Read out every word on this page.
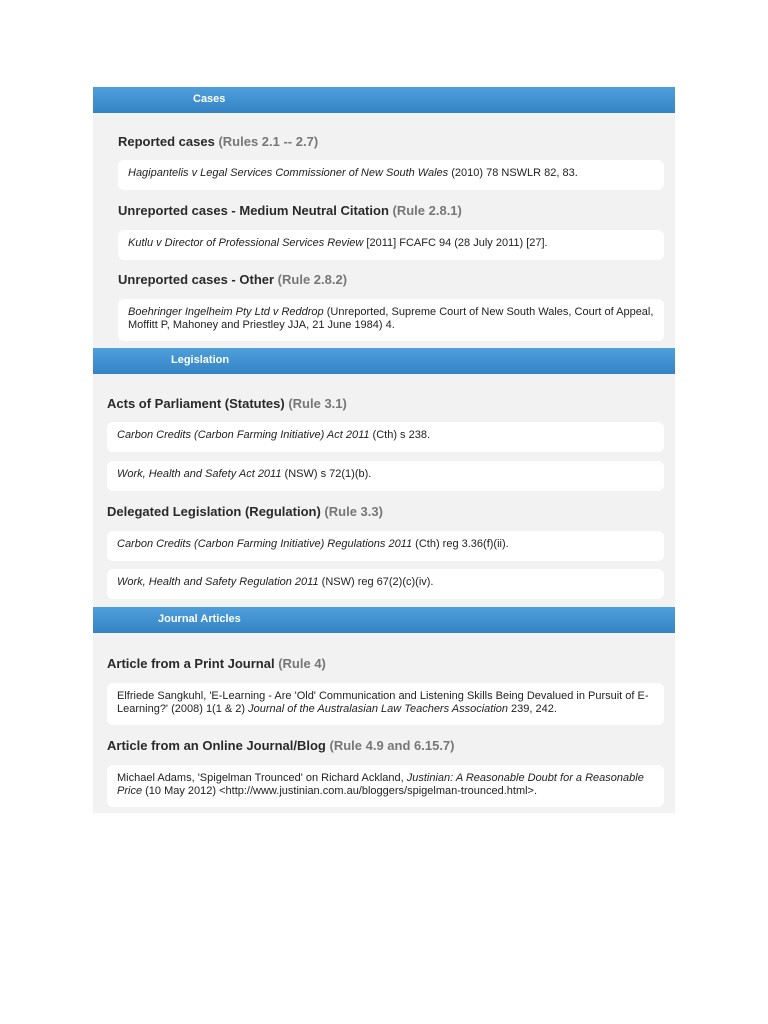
Cases
Legislation
Journal Articles
Reported cases (Rules 2.1 -- 2.7)
Hagipantelis v Legal Services Commissioner of New South Wales (2010) 78 NSWLR 82, 83.
Unreported cases - Medium Neutral Citation (Rule 2.8.1)
Kutlu v Director of Professional Services Review [2011] FCAFC 94 (28 July 2011) [27].
Unreported cases - Other (Rule 2.8.2)
Boehringer Ingelheim Pty Ltd v Reddrop (Unreported, Supreme Court of New South Wales, Court of Appeal, Moffitt P, Mahoney and Priestley JJA, 21 June 1984) 4.
Acts of Parliament (Statutes) (Rule 3.1)
Carbon Credits (Carbon Farming Initiative) Act 2011 (Cth) s 238.
Work, Health and Safety Act 2011 (NSW) s 72(1)(b).
Delegated Legislation (Regulation) (Rule 3.3)
Carbon Credits (Carbon Farming Initiative) Regulations 2011 (Cth) reg 3.36(f)(ii).
Work, Health and Safety Regulation 2011 (NSW) reg 67(2)(c)(iv).
Article from a Print Journal (Rule 4)
Elfriede Sangkuhl, 'E-Learning - Are 'Old' Communication and Listening Skills Being Devalued in Pursuit of E-Learning?' (2008) 1(1 & 2) Journal of the Australasian Law Teachers Association 239, 242.
Article from an Online Journal/Blog (Rule 4.9 and 6.15.7)
Michael Adams, 'Spigelman Trounced' on Richard Ackland, Justinian: A Reasonable Doubt for a Reasonable Price (10 May 2012) <http://www.justinian.com.au/bloggers/spigelman-trounced.html>.
